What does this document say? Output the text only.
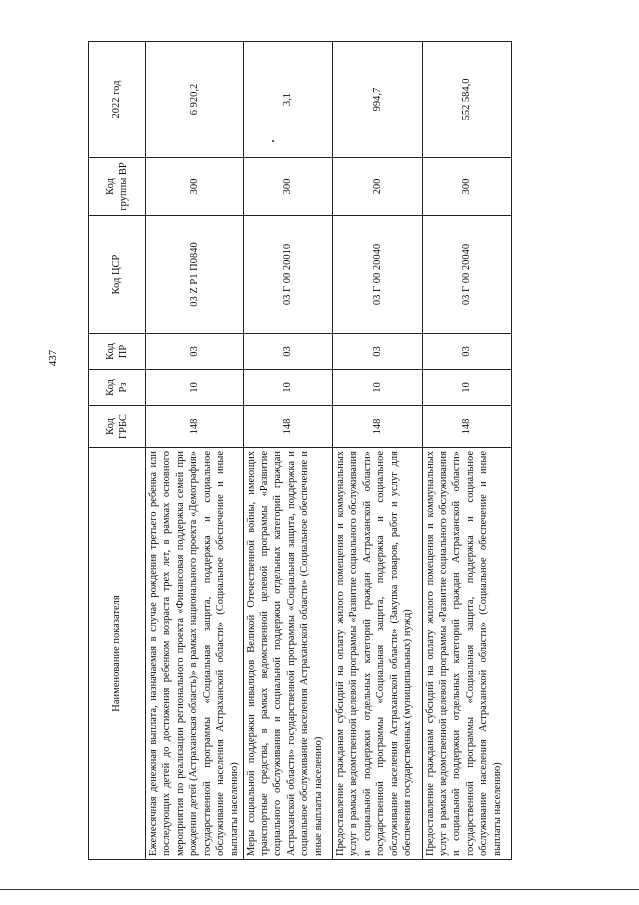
437
Наименование показателя	Код ГРБС	Код Рз	Код ПР	Код ЦСР	Код группы ВР	2022 год
Ежемесячная денежная выплата, назначаемая в случае рождения третьего ребенка или последующих детей до достижения ребенком возраста трех лет, в рамках основного мероприятия по реализации регионального проекта «Финансовая поддержка семей при рождении детей (Астраханская область)» в рамках национального проекта «Демография» государственной программы «Социальная защита, поддержка и социальное обслуживание населения Астраханской области» (Социальное обеспечение и иные выплаты населению)	148	10	03	03 Z P1 П0840	300	6 920,2
Меры социальной поддержки инвалидов Великой Отечественной войны, имеющих транспортные средства, в рамках ведомственной целевой программы «Развитие социального обслуживания и социальной поддержки отдельных категорий граждан Астраханской области» государственной программы «Социальная защита, поддержка и социальное обслуживание населения Астраханской области» (Социальное обеспечение и иные выплаты населению)	148	10	03	03 Г 00 20010	300	3,1
Предоставление гражданам субсидий на оплату жилого помещения и коммунальных услуг в рамках ведомственной целевой программы «Развитие социального обслуживания и социальной поддержки отдельных категорий граждан Астраханской области» государственной программы «Социальная защита, поддержка и социальное обслуживание населения Астраханской области» (Закупка товаров, работ и услуг для обеспечения государственных (муниципальных) нужд)	148	10	03	03 Г 00 20040	200	994,7
Предоставление гражданам субсидий на оплату жилого помещения и коммунальных услуг в рамках ведомственной целевой программы «Развитие социального обслуживания и социальной поддержки отдельных категорий граждан Астраханской области» государственной программы «Социальная защита, поддержка и социальное обслуживание населения Астраханской области» (Социальное обеспечение и иные выплаты населению)	148	10	03	03 Г 00 20040	300	552 584,0
